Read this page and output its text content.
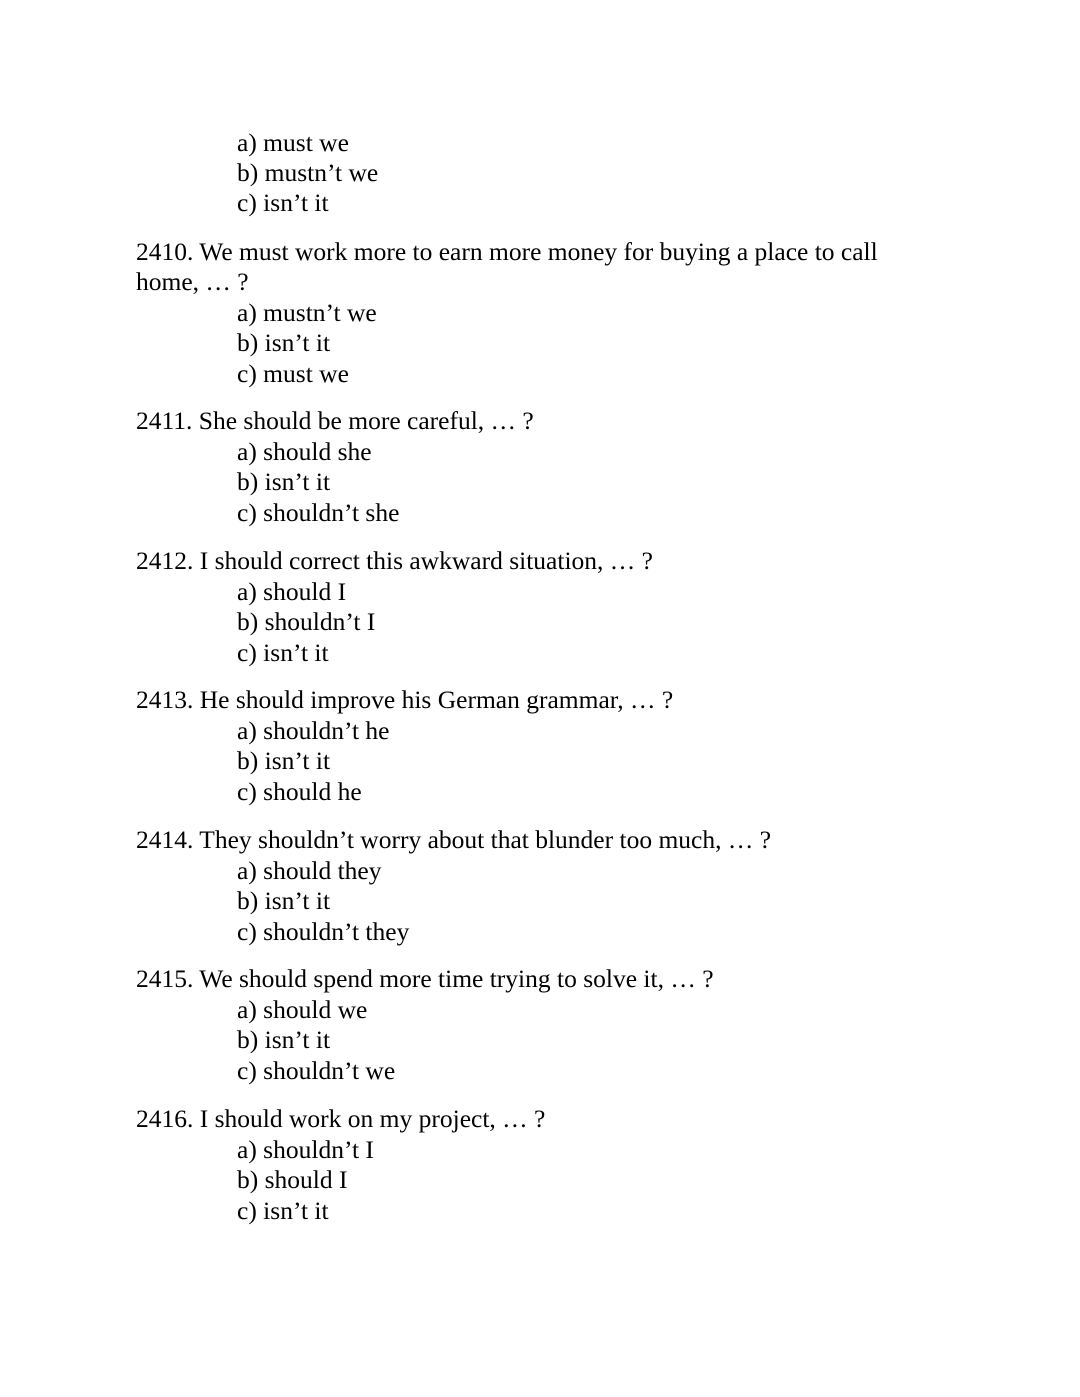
a) must we
b) mustn’t we
c) isn’t it
2410. We must work more to earn more money for buying a place to call
home, … ?
a) mustn’t we
b) isn’t it
c) must we
2411. She should be more careful, … ?
a) should she
b) isn’t it
c) shouldn’t she
2412. I should correct this awkward situation, … ?
a) should I
b) shouldn’t I
c) isn’t it
2413. He should improve his German grammar, … ?
a) shouldn’t he
b) isn’t it
c) should he
2414. They shouldn’t worry about that blunder too much, … ?
a) should they
b) isn’t it
c) shouldn’t they
2415. We should spend more time trying to solve it, … ?
a) should we
b) isn’t it
c) shouldn’t we
2416. I should work on my project, … ?
a) shouldn’t I
b) should I
c) isn’t it
